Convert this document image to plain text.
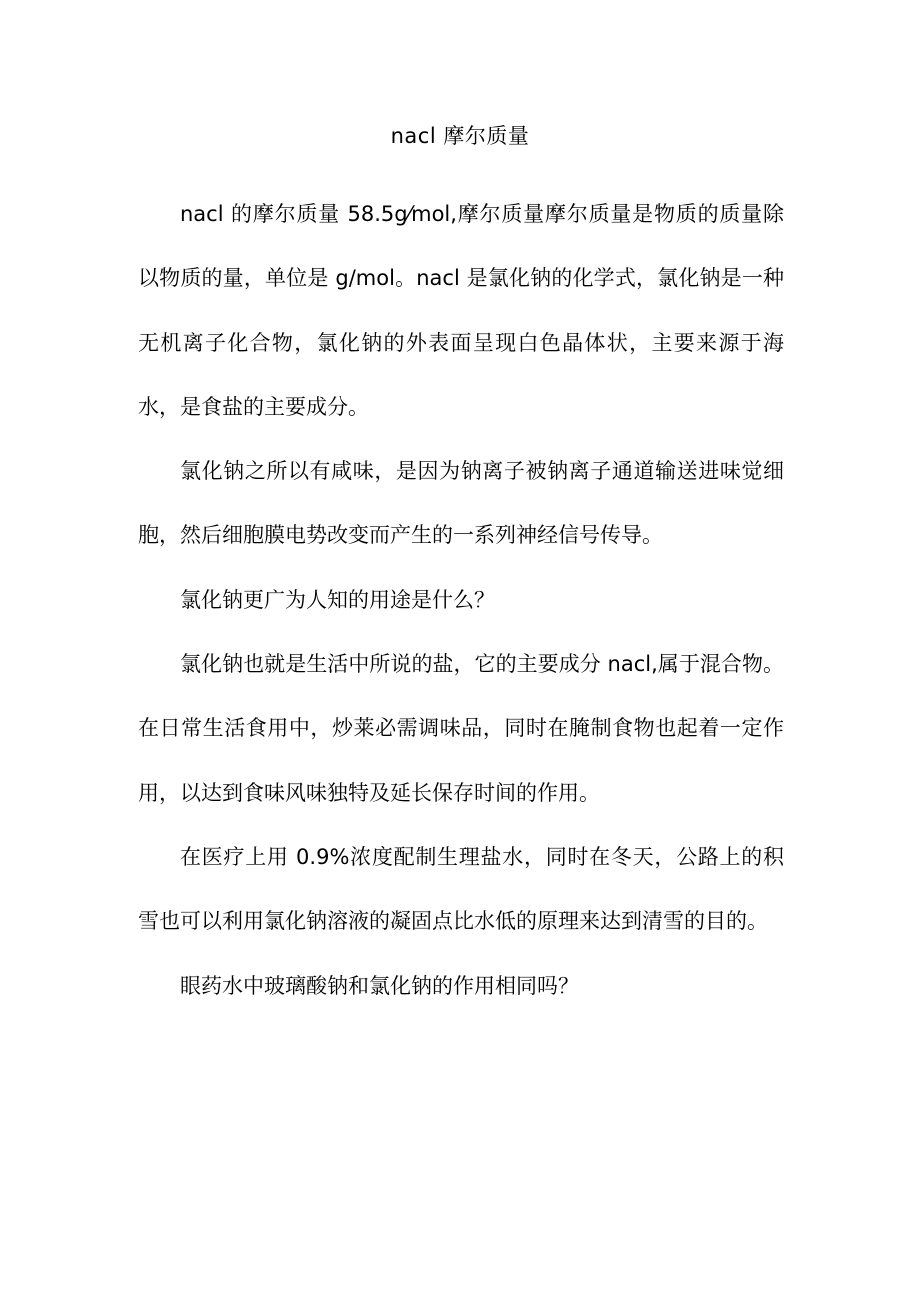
nacl 摩尔质量

nacl 的摩尔质量 58.5g⁄mol,摩尔质量摩尔质量是物质的质量除以物质的量，单位是 g/mol。nacl 是氯化钠的化学式，氯化钠是一种无机离子化合物，氯化钠的外表面呈现白色晶体状，主要来源于海水，是食盐的主要成分。

氯化钠之所以有咸味，是因为钠离子被钠离子通道输送进味觉细胞，然后细胞膜电势改变而产生的一系列神经信号传导。

氯化钠更广为人知的用途是什么？

氯化钠也就是生活中所说的盐，它的主要成分 nacl,属于混合物。在日常生活食用中，炒莱必需调味品，同时在腌制食物也起着一定作用，以达到食味风味独特及延长保存时间的作用。

在医疗上用 0.9%浓度配制生理盐水，同时在冬天，公路上的积雪也可以利用氯化钠溶液的凝固点比水低的原理来达到清雪的目的。

眼药水中玻璃酸钠和氯化钠的作用相同吗？
